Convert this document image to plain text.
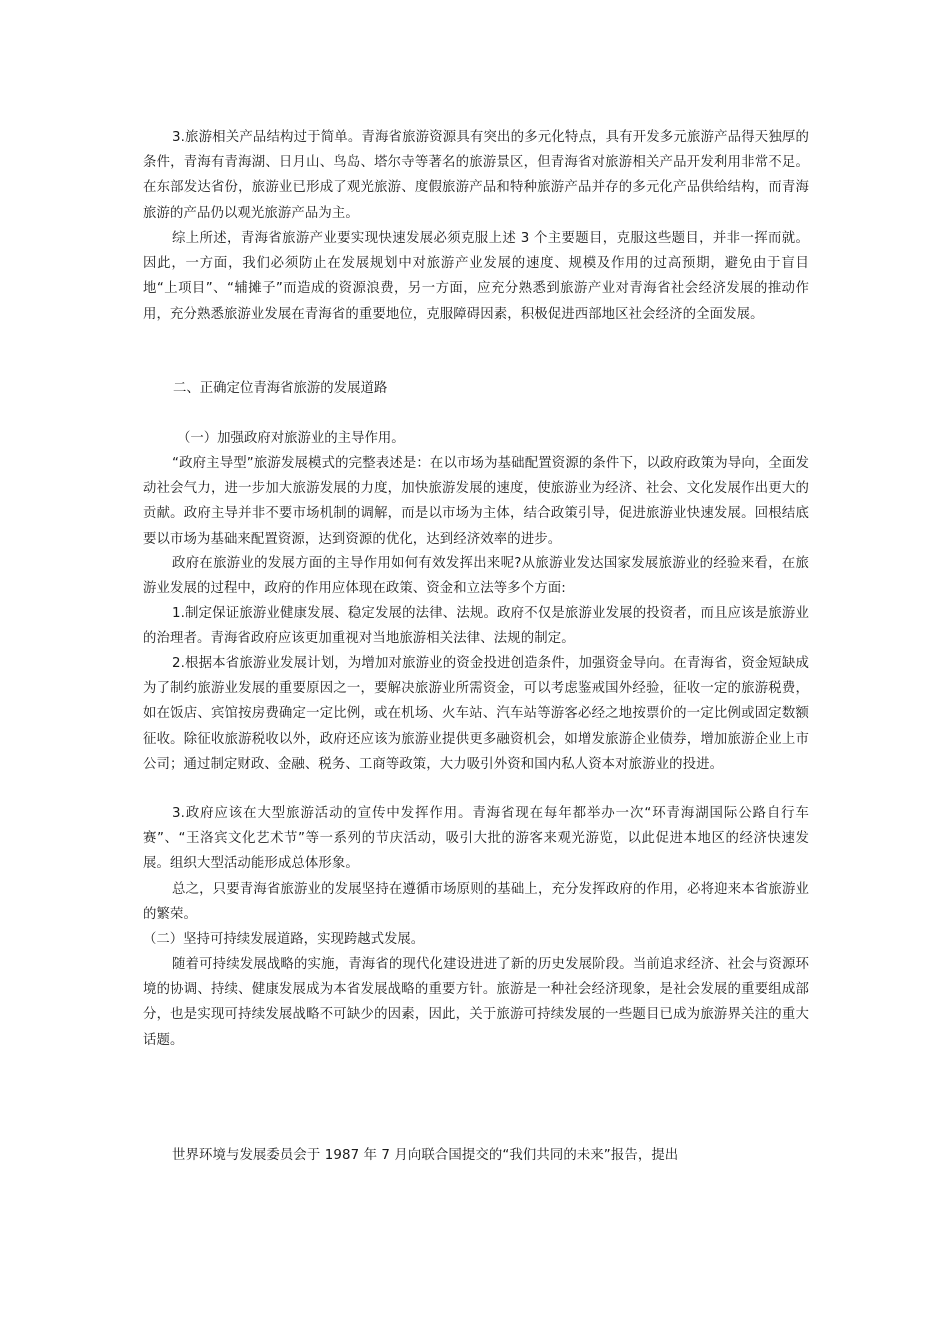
3.旅游相关产品结构过于简单。青海省旅游资源具有突出的多元化特点，具有开发多元旅游产品得天独厚的条件，青海有青海湖、日月山、鸟岛、塔尔寺等著名的旅游景区，但青海省对旅游相关产品开发利用非常不足。在东部发达省份，旅游业已形成了观光旅游、度假旅游产品和特种旅游产品并存的多元化产品供给结构，而青海旅游的产品仍以观光旅游产品为主。

综上所述，青海省旅游产业要实现快速发展必须克服上述 3 个主要题目，克服这些题目，并非一挥而就。因此，一方面，我们必须防止在发展规划中对旅游产业发展的速度、规模及作用的过高预期，避免由于盲目地“上项目”、“辅摊子”而造成的资源浪费，另一方面，应充分熟悉到旅游产业对青海省社会经济发展的推动作用，充分熟悉旅游业发展在青海省的重要地位，克服障碍因素，积极促进西部地区社会经济的全面发展。

二、正确定位青海省旅游的发展道路

（一）加强政府对旅游业的主导作用。

“政府主导型”旅游发展模式的完整表述是：在以市场为基础配置资源的条件下，以政府政策为导向，全面发动社会气力，进一步加大旅游发展的力度，加快旅游发展的速度，使旅游业为经济、社会、文化发展作出更大的贡献。政府主导并非不要市场机制的调解，而是以市场为主体，结合政策引导，促进旅游业快速发展。回根结底要以市场为基础来配置资源，达到资源的优化，达到经济效率的进步。

政府在旅游业的发展方面的主导作用如何有效发挥出来呢?从旅游业发达国家发展旅游业的经验来看，在旅游业发展的过程中，政府的作用应体现在政策、资金和立法等多个方面:

1.制定保证旅游业健康发展、稳定发展的法律、法规。政府不仅是旅游业发展的投资者，而且应该是旅游业的治理者。青海省政府应该更加重视对当地旅游相关法律、法规的制定。

2.根据本省旅游业发展计划，为增加对旅游业的资金投进创造条件，加强资金导向。在青海省，资金短缺成为了制约旅游业发展的重要原因之一，要解决旅游业所需资金，可以考虑鉴戒国外经验，征收一定的旅游税费，如在饭店、宾馆按房费确定一定比例，或在机场、火车站、汽车站等游客必经之地按票价的一定比例或固定数额征收。除征收旅游税收以外，政府还应该为旅游业提供更多融资机会，如增发旅游企业债券，增加旅游企业上市公司；通过制定财政、金融、税务、工商等政策，大力吸引外资和国内私人资本对旅游业的投进。

3.政府应该在大型旅游活动的宣传中发挥作用。青海省现在每年都举办一次“环青海湖国际公路自行车赛”、“王洛宾文化艺术节”等一系列的节庆活动，吸引大批的游客来观光游览，以此促进本地区的经济快速发展。组织大型活动能形成总体形象。

总之，只要青海省旅游业的发展坚持在遵循市场原则的基础上，充分发挥政府的作用，必将迎来本省旅游业的繁荣。

（二）坚持可持续发展道路，实现跨越式发展。

随着可持续发展战略的实施，青海省的现代化建设进进了新的历史发展阶段。当前追求经济、社会与资源环境的协调、持续、健康发展成为本省发展战略的重要方针。旅游是一种社会经济现象，是社会发展的重要组成部分，也是实现可持续发展战略不可缺少的因素，因此，关于旅游可持续发展的一些题目已成为旅游界关注的重大话题。

世界环境与发展委员会于 1987 年 7 月向联合国提交的“我们共同的未来”报告，提出
